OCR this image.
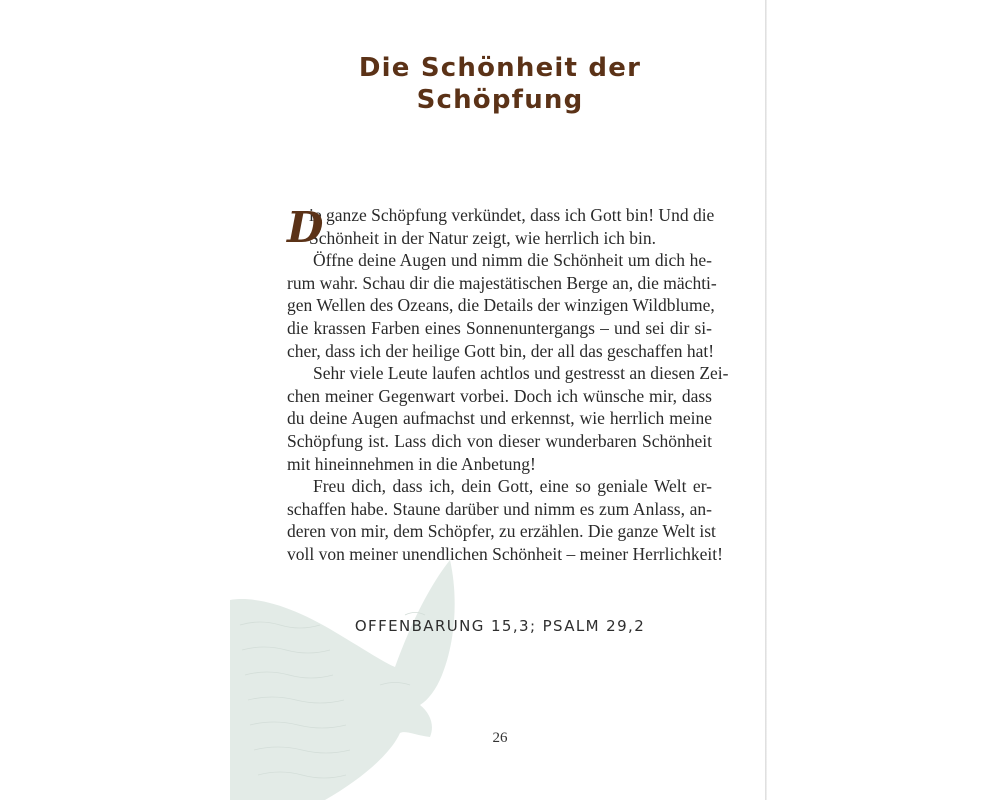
Die Schönheit der
Schöpfung
D
ie ganze Schöpfung verkündet, dass ich Gott bin! Und die
Schönheit in der Natur zeigt, wie herrlich ich bin.
Öffne deine Augen und nimm die Schönheit um dich he-
rum wahr. Schau dir die majestätischen Berge an, die mächti-
gen Wellen des Ozeans, die Details der winzigen Wildblume,
die krassen Farben eines Sonnenuntergangs – und sei dir si-
cher, dass ich der heilige Gott bin, der all das geschaffen hat!
Sehr viele Leute laufen achtlos und gestresst an diesen Zei-
chen meiner Gegenwart vorbei. Doch ich wünsche mir, dass
du deine Augen aufmachst und erkennst, wie herrlich meine
Schöpfung ist. Lass dich von dieser wunderbaren Schönheit
mit hineinnehmen in die Anbetung!
Freu dich, dass ich, dein Gott, eine so geniale Welt er-
schaffen habe. Staune darüber und nimm es zum Anlass, an-
deren von mir, dem Schöpfer, zu erzählen. Die ganze Welt ist
voll von meiner unendlichen Schönheit – meiner Herrlichkeit!
OFFENBARUNG 15,3; PSALM 29,2
26
